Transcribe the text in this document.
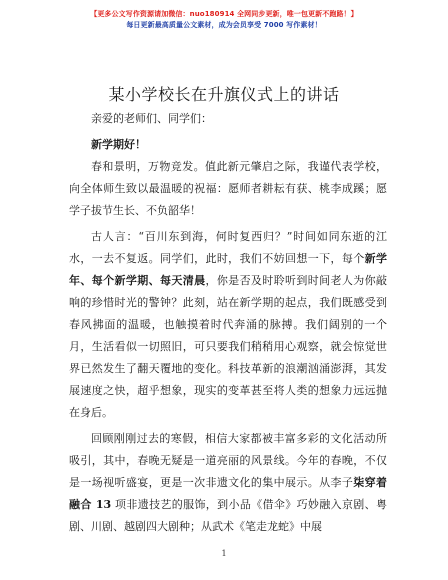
【更多公文写作资源请加微信：nuo180914 全网同步更新，唯一包更新不跑路！】
每日更新最高质量公文素材，成为会员享受 7000 写作素材！
某小学校长在升旗仪式上的讲话

亲爱的老师们、同学们：

新学期好！

春和景明，万物竞发。值此新元肇启之际，我谨代表学校，向全体师生致以最温暖的祝福：愿师者耕耘有获、桃李成蹊；愿学子拔节生长、不负韶华！

古人言：“百川东到海，何时复西归？”时间如同东逝的江水，一去不复返。同学们，此时，我们不妨回想一下，每个新学年、每个新学期、每天清晨，你是否及时聆听到时间老人为你敲响的珍惜时光的警钟？此刻，站在新学期的起点，我们既感受到春风拂面的温暖，也触摸着时代奔涌的脉搏。我们阔别的一个月，生活看似一切照旧，可只要我们稍稍用心观察，就会惊觉世界已然发生了翻天覆地的变化。科技革新的浪潮汹涌澎湃，其发展速度之快，超乎想象，现实的变革甚至将人类的想象力远远抛在身后。

回顾刚刚过去的寒假，相信大家都被丰富多彩的文化活动所吸引，其中，春晚无疑是一道亮丽的风景线。今年的春晚，不仅是一场视听盛宴，更是一次非遗文化的集中展示。从李子柒穿着融合 13 项非遗技艺的服饰，到小品《借伞》巧妙融入京剧、粤剧、川剧、越剧四大剧种；从武术《笔走龙蛇》中展

1
